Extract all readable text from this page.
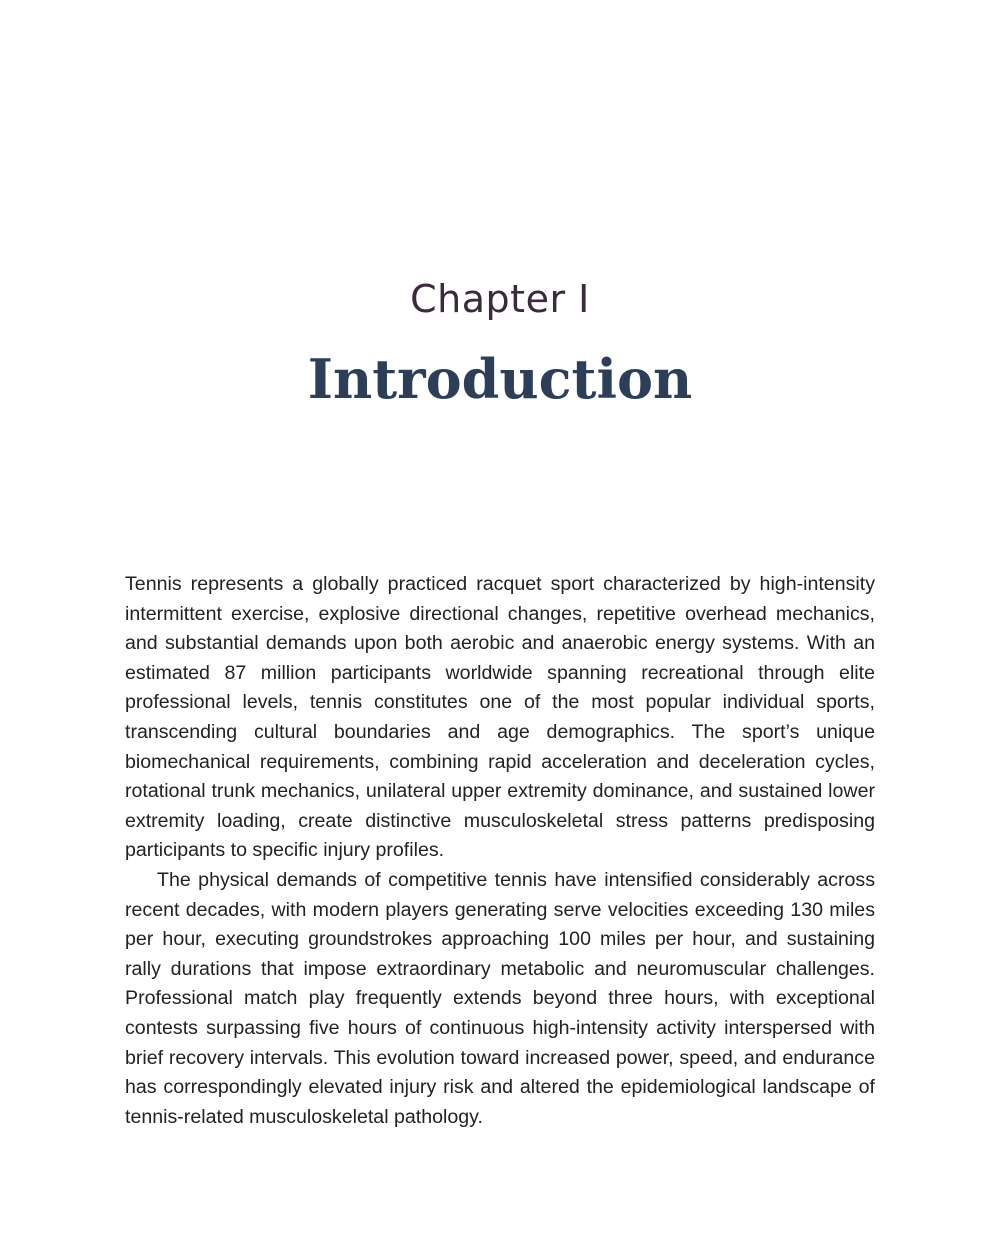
Chapter I
Introduction

Tennis represents a globally practiced racquet sport characterized by high-intensity intermittent exercise, explosive directional changes, repetitive overhead mechanics, and substantial demands upon both aerobic and anaerobic energy systems. With an estimated 87 million participants worldwide spanning recreational through elite professional levels, tennis constitutes one of the most popular individual sports, transcending cultural boundaries and age demographics. The sport’s unique biomechanical requirements, combining rapid acceleration and deceleration cycles, rotational trunk mechanics, unilateral upper extremity dominance, and sustained lower extremity loading, create distinctive musculoskeletal stress patterns predisposing participants to specific injury profiles.

The physical demands of competitive tennis have intensified considerably across recent decades, with modern players generating serve velocities exceeding 130 miles per hour, executing groundstrokes approaching 100 miles per hour, and sustaining rally durations that impose extraordinary metabolic and neuromuscular challenges. Professional match play frequently extends beyond three hours, with exceptional contests surpassing five hours of continuous high-intensity activity interspersed with brief recovery intervals. This evolution toward increased power, speed, and endurance has correspondingly elevated injury risk and altered the epidemiological landscape of tennis-related musculoskeletal pathology.
